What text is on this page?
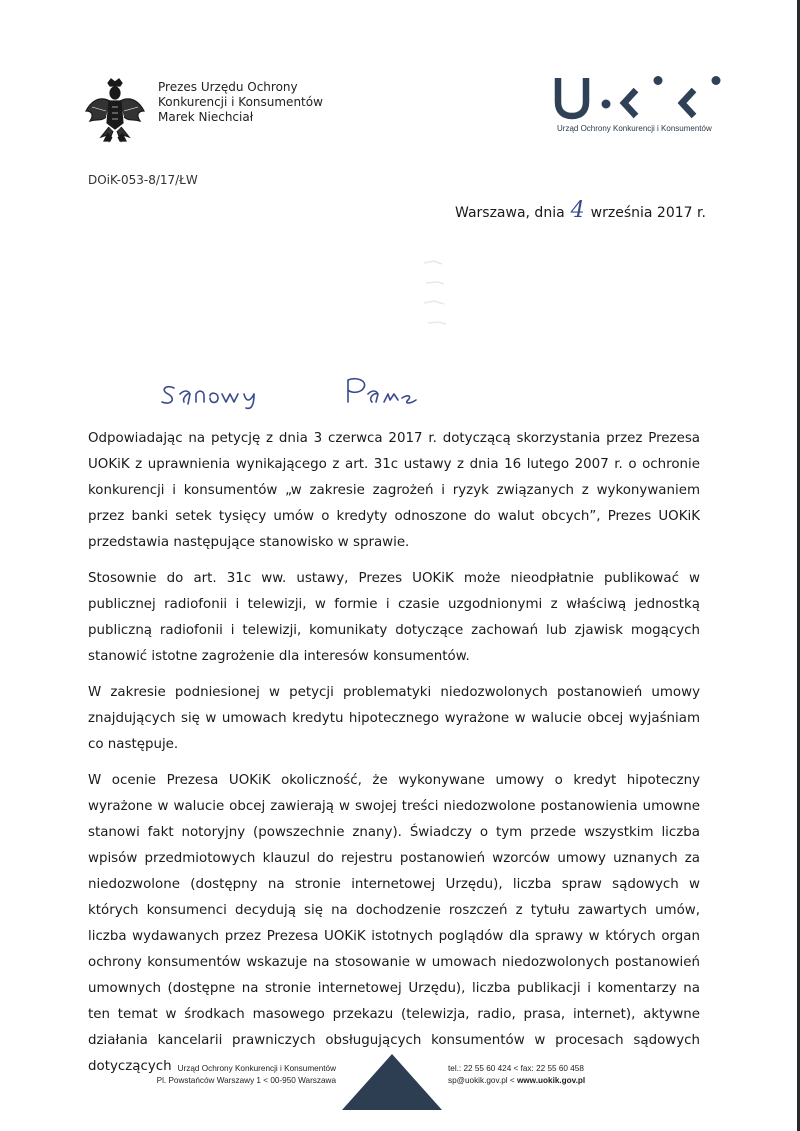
Prezes Urzędu Ochrony
Konkurencji i Konsumentów
Marek Niechciał
Urząd Ochrony Konkurencji i Konsumentów
DOiK-053-8/17/ŁW
Warszawa, dnia 4 września 2017 r.

Odpowiadając na petycję z dnia 3 czerwca 2017 r. dotyczącą skorzystania przez Prezesa UOKiK z uprawnienia wynikającego z art. 31c ustawy z dnia 16 lutego 2007 r. o ochronie konkurencji i konsumentów „w zakresie zagrożeń i ryzyk związanych z wykonywaniem przez banki setek tysięcy umów o kredyty odnoszone do walut obcych”, Prezes UOKiK przedstawia następujące stanowisko w sprawie.

Stosownie do art. 31c ww. ustawy, Prezes UOKiK może nieodpłatnie publikować w publicznej radiofonii i telewizji, w formie i czasie uzgodnionymi z właściwą jednostką publiczną radiofonii i telewizji, komunikaty dotyczące zachowań lub zjawisk mogących stanowić istotne zagrożenie dla interesów konsumentów.

W zakresie podniesionej w petycji problematyki niedozwolonych postanowień umowy znajdujących się w umowach kredytu hipotecznego wyrażone w walucie obcej wyjaśniam co następuje.

W ocenie Prezesa UOKiK okoliczność, że wykonywane umowy o kredyt hipoteczny wyrażone w walucie obcej zawierają w swojej treści niedozwolone postanowienia umowne stanowi fakt notoryjny (powszechnie znany). Świadczy o tym przede wszystkim liczba wpisów przedmiotowych klauzul do rejestru postanowień wzorców umowy uznanych za niedozwolone (dostępny na stronie internetowej Urzędu), liczba spraw sądowych w których konsumenci decydują się na dochodzenie roszczeń z tytułu zawartych umów, liczba wydawanych przez Prezesa UOKiK istotnych poglądów dla sprawy w których organ ochrony konsumentów wskazuje na stosowanie w umowach niedozwolonych postanowień umownych (dostępne na stronie internetowej Urzędu), liczba publikacji i komentarzy na ten temat w środkach masowego przekazu (telewizja, radio, prasa, internet), aktywne działania kancelarii prawniczych obsługujących konsumentów w procesach sądowych dotyczących Urząd Ochrony Konkurencji i Konsumentów
Pl. Powstańców Warszawy 1 < 00-950 Warszawa
tel.: 22 55 60 424 < fax: 22 55 60 458
sp@uokik.gov.pl < www.uokik.gov.pl
